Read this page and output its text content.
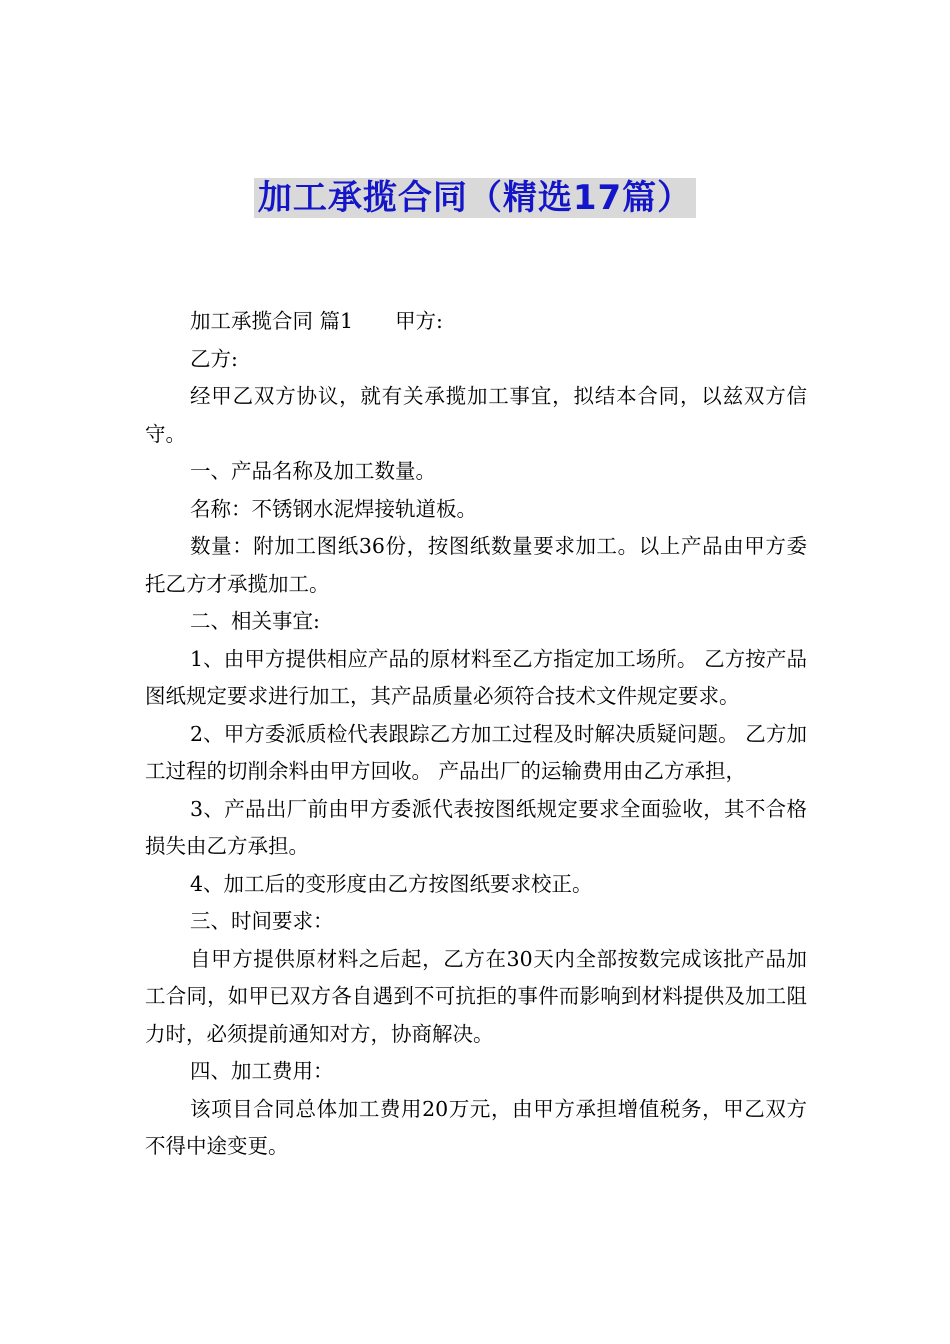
加工承揽合同（精选17篇）

加工承揽合同 篇1 甲方:

乙方:

经甲乙双方协议，就有关承揽加工事宜，拟结本合同，以兹双方信守。

一、产品名称及加工数量。

名称：不锈钢水泥焊接轨道板。

数量：附加工图纸36份，按图纸数量要求加工。以上产品由甲方委托乙方才承揽加工。

二、相关事宜:

1、由甲方提供相应产品的原材料至乙方指定加工场所。 乙方按产品图纸规定要求进行加工，其产品质量必须符合技术文件规定要求。

2、甲方委派质检代表跟踪乙方加工过程及时解决质疑问题。 乙方加工过程的切削余料由甲方回收。 产品出厂的运输费用由乙方承担，

3、产品出厂前由甲方委派代表按图纸规定要求全面验收，其不合格损失由乙方承担。

4、加工后的变形度由乙方按图纸要求校正。

三、时间要求：

自甲方提供原材料之后起，乙方在30天内全部按数完成该批产品加工合同，如甲已双方各自遇到不可抗拒的事件而影响到材料提供及加工阻力时，必须提前通知对方，协商解决。

四、加工费用：

该项目合同总体加工费用20万元，由甲方承担增值税务，甲乙双方不得中途变更。
